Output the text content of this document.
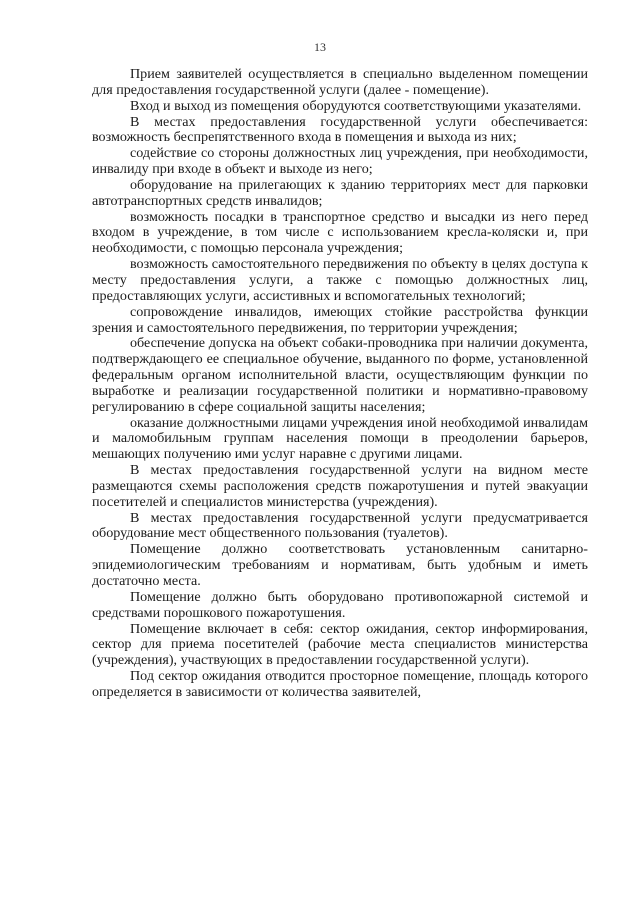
13

Прием заявителей осуществляется в специально выделенном помещении для предоставления государственной услуги (далее - помещение).

Вход и выход из помещения оборудуются соответствующими указателями.

В местах предоставления государственной услуги обеспечивается: возможность беспрепятственного входа в помещения и выхода из них;

содействие со стороны должностных лиц учреждения, при необходимости, инвалиду при входе в объект и выходе из него;

оборудование на прилегающих к зданию территориях мест для парковки автотранспортных средств инвалидов;

возможность посадки в транспортное средство и высадки из него перед входом в учреждение, в том числе с использованием кресла-коляски и, при необходимости, с помощью персонала учреждения;

возможность самостоятельного передвижения по объекту в целях доступа к месту предоставления услуги, а также с помощью должностных лиц, предоставляющих услуги, ассистивных и вспомогательных технологий;

сопровождение инвалидов, имеющих стойкие расстройства функции зрения и самостоятельного передвижения, по территории учреждения;

обеспечение допуска на объект собаки-проводника при наличии документа, подтверждающего ее специальное обучение, выданного по форме, установленной федеральным органом исполнительной власти, осуществляющим функции по выработке и реализации государственной политики и нормативно-правовому регулированию в сфере социальной защиты населения;

оказание должностными лицами учреждения иной необходимой инвалидам и маломобильным группам населения помощи в преодолении барьеров, мешающих получению ими услуг наравне с другими лицами.

В местах предоставления государственной услуги на видном месте размещаются схемы расположения средств пожаротушения и путей эвакуации посетителей и специалистов министерства (учреждения).

В местах предоставления государственной услуги предусматривается оборудование мест общественного пользования (туалетов).

Помещение должно соответствовать установленным санитарно-эпидемиологическим требованиям и нормативам, быть удобным и иметь достаточно места.

Помещение должно быть оборудовано противопожарной системой и средствами порошкового пожаротушения.

Помещение включает в себя: сектор ожидания, сектор информирования, сектор для приема посетителей (рабочие места специалистов министерства (учреждения), участвующих в предоставлении государственной услуги).

Под сектор ожидания отводится просторное помещение, площадь которого определяется в зависимости от количества заявителей,
